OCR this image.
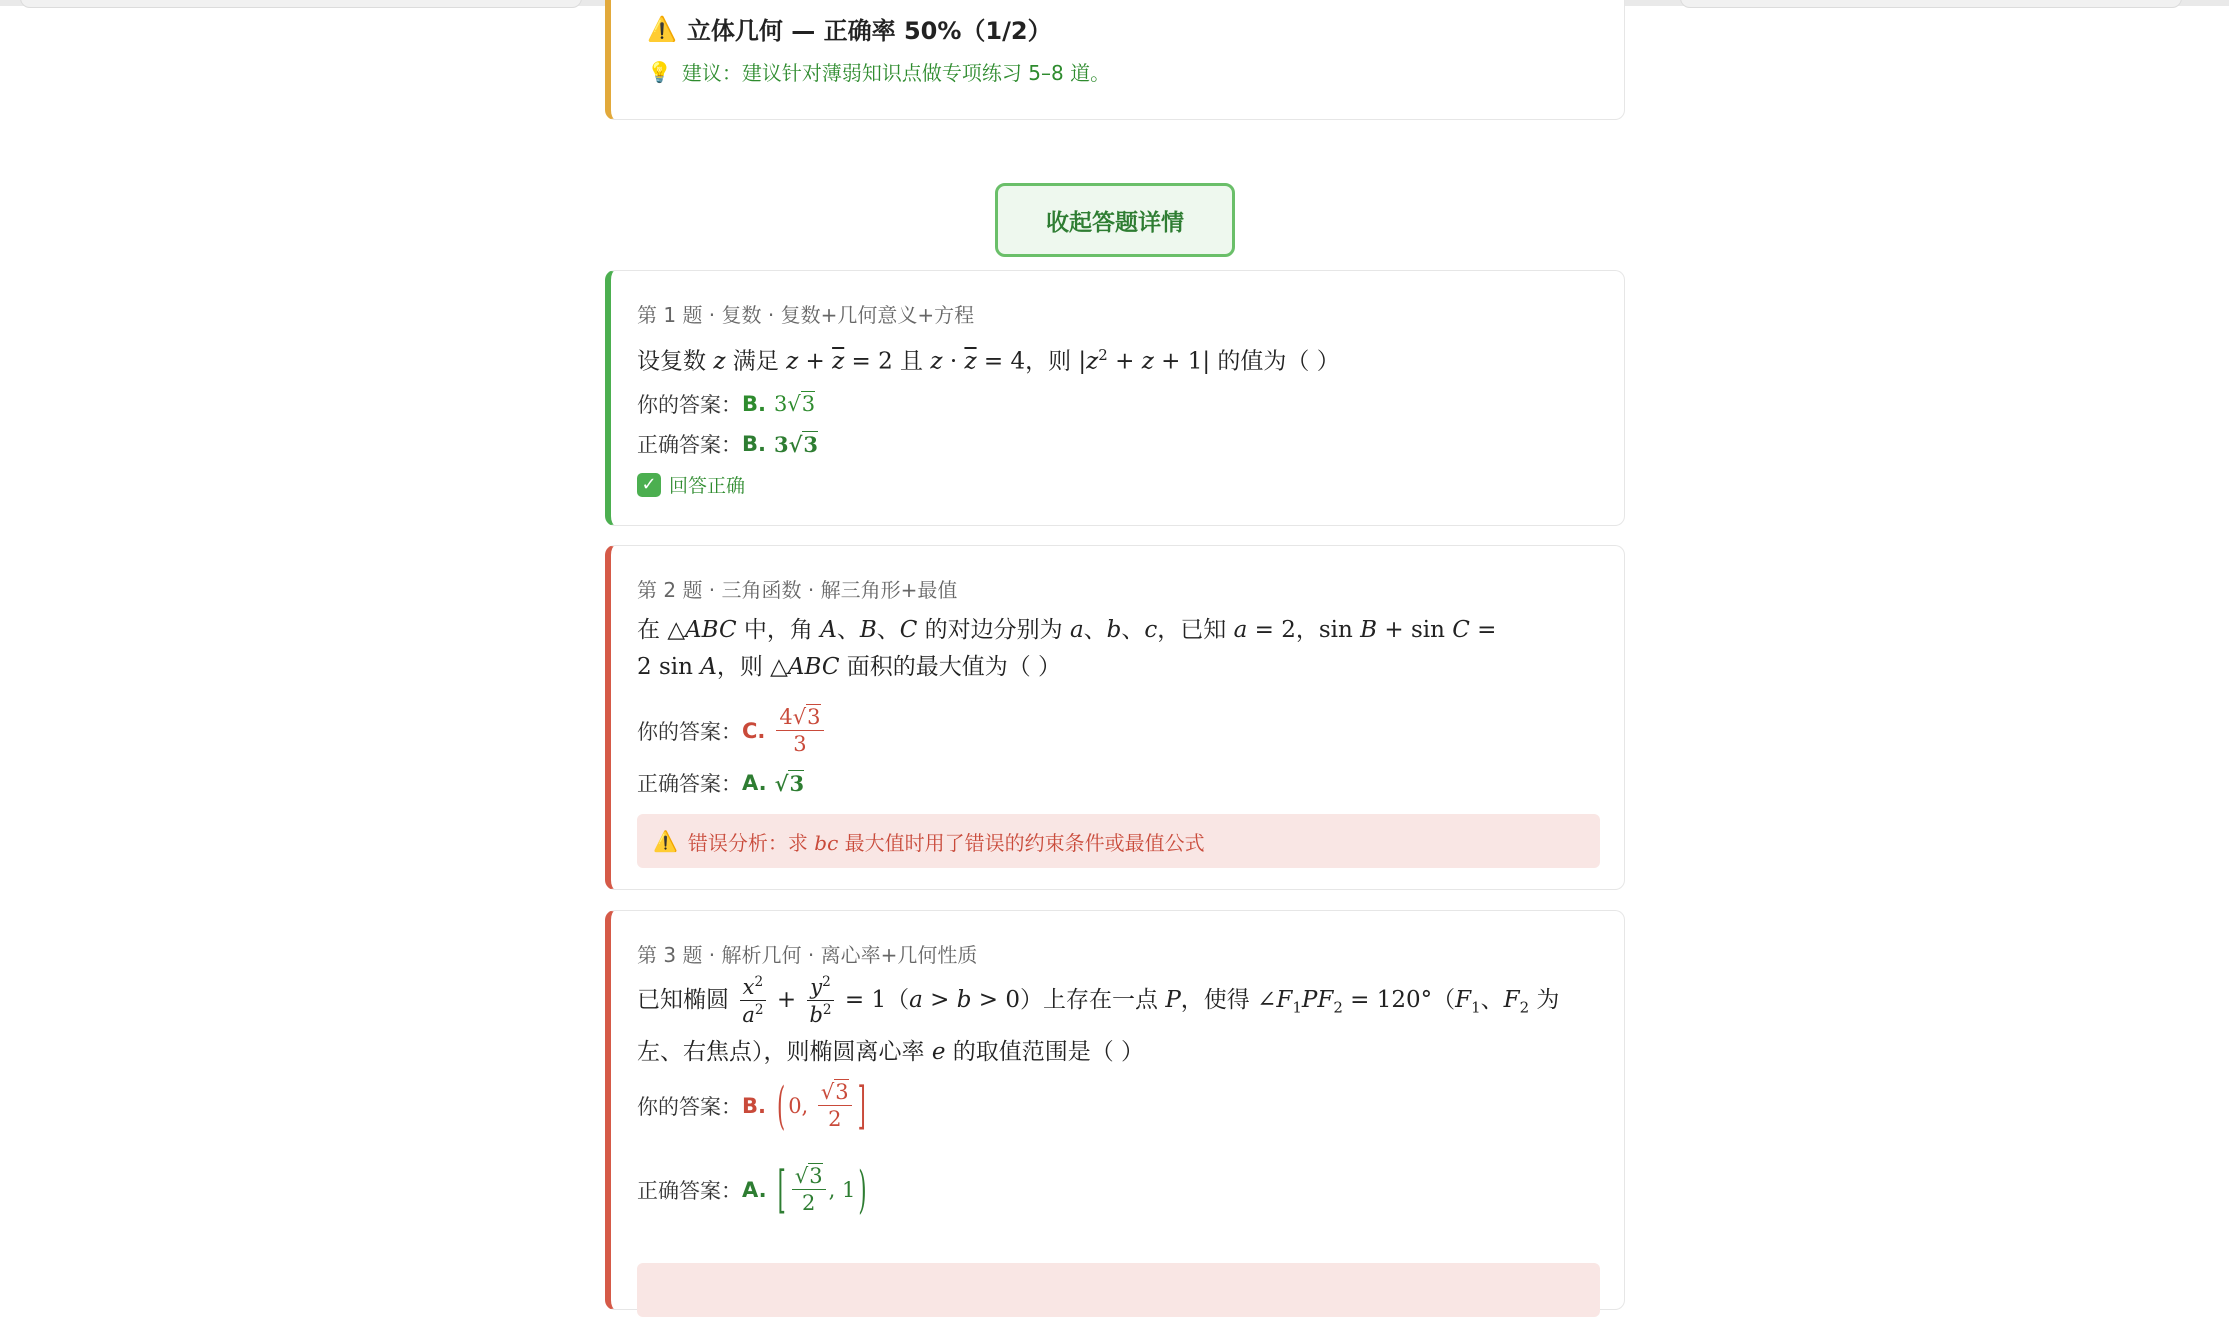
⚠️ 立体几何 — 正确率 50%（1/2）
💡 建议：建议针对薄弱知识点做专项练习 5–8 道。
收起答题详情
第 1 题 · 复数 · 复数+几何意义+方程
设复数 z 满足 $z + \overline{z} = 2$ 且 $z \cdot \overline{z} = 4$，则 $|z^2 + z + 1|$ 的值为（ ）
你的答案： B. 3√3
正确答案： B. 3√3
✓ 回答正确
第 2 题 · 三角函数 · 解三角形+最值
在 △ABC 中，角 A、B、C 的对边分别为 a、b、c，已知 a = 2，sin B + sin C =
2 sin A，则 △ABC 面积的最大值为（ ）
你的答案： C. $\frac{4√3}{3}$
正确答案： A. √3
⚠️ 错误分析： 求 bc 最大值时用了错误的约束条件或最值公式
第 3 题 · 解析几何 · 离心率+几何性质
已知椭圆 $\frac{x^2}{a^2} + \frac{y^2}{b^2} = 1(a > b > 0)$上存在一点 P，使得 $\angle F_1PF_2 = 120^\circ(F_1$、$F_2$ 为
左、右焦点），则椭圆离心率 e 的取值范围是（ ）
你的答案： B. ( 0, $\frac{√3}{2}$ ]
正确答案： A. [ $\frac{√3}{2}$ , 1 )
